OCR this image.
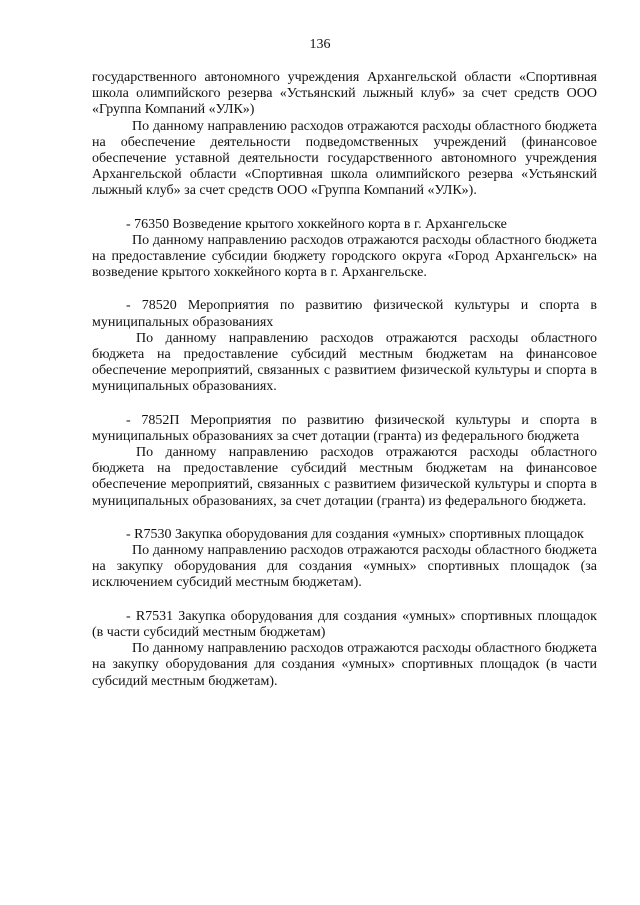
136

государственного автономного учреждения Архангельской области «Спортивная школа олимпийского резерва «Устьянский лыжный клуб» за счет средств ООО «Группа Компаний «УЛК»)

По данному направлению расходов отражаются расходы областного бюджета на обеспечение деятельности подведомственных учреждений (финансовое обеспечение уставной деятельности государственного автономного учреждения Архангельской области «Спортивная школа олимпийского резерва «Устьянский лыжный клуб» за счет средств ООО «Группа Компаний «УЛК»).

- 76350 Возведение крытого хоккейного корта в г. Архангельске

По данному направлению расходов отражаются расходы областного бюджета на предоставление субсидии бюджету городского округа «Город Архангельск» на возведение крытого хоккейного корта в г. Архангельске.

- 78520 Мероприятия по развитию физической культуры и спорта в муниципальных образованиях

По данному направлению расходов отражаются расходы областного бюджета на предоставление субсидий местным бюджетам на финансовое обеспечение мероприятий, связанных с развитием физической культуры и спорта в муниципальных образованиях.

- 7852П Мероприятия по развитию физической культуры и спорта в муниципальных образованиях за счет дотации (гранта) из федерального бюджета

По данному направлению расходов отражаются расходы областного бюджета на предоставление субсидий местным бюджетам на финансовое обеспечение мероприятий, связанных с развитием физической культуры и спорта в муниципальных образованиях, за счет дотации (гранта) из федерального бюджета.

- R7530 Закупка оборудования для создания «умных» спортивных площадок

По данному направлению расходов отражаются расходы областного бюджета на закупку оборудования для создания «умных» спортивных площадок (за исключением субсидий местным бюджетам).

- R7531 Закупка оборудования для создания «умных» спортивных площадок (в части субсидий местным бюджетам)

По данному направлению расходов отражаются расходы областного бюджета на закупку оборудования для создания «умных» спортивных площадок (в части субсидий местным бюджетам).
